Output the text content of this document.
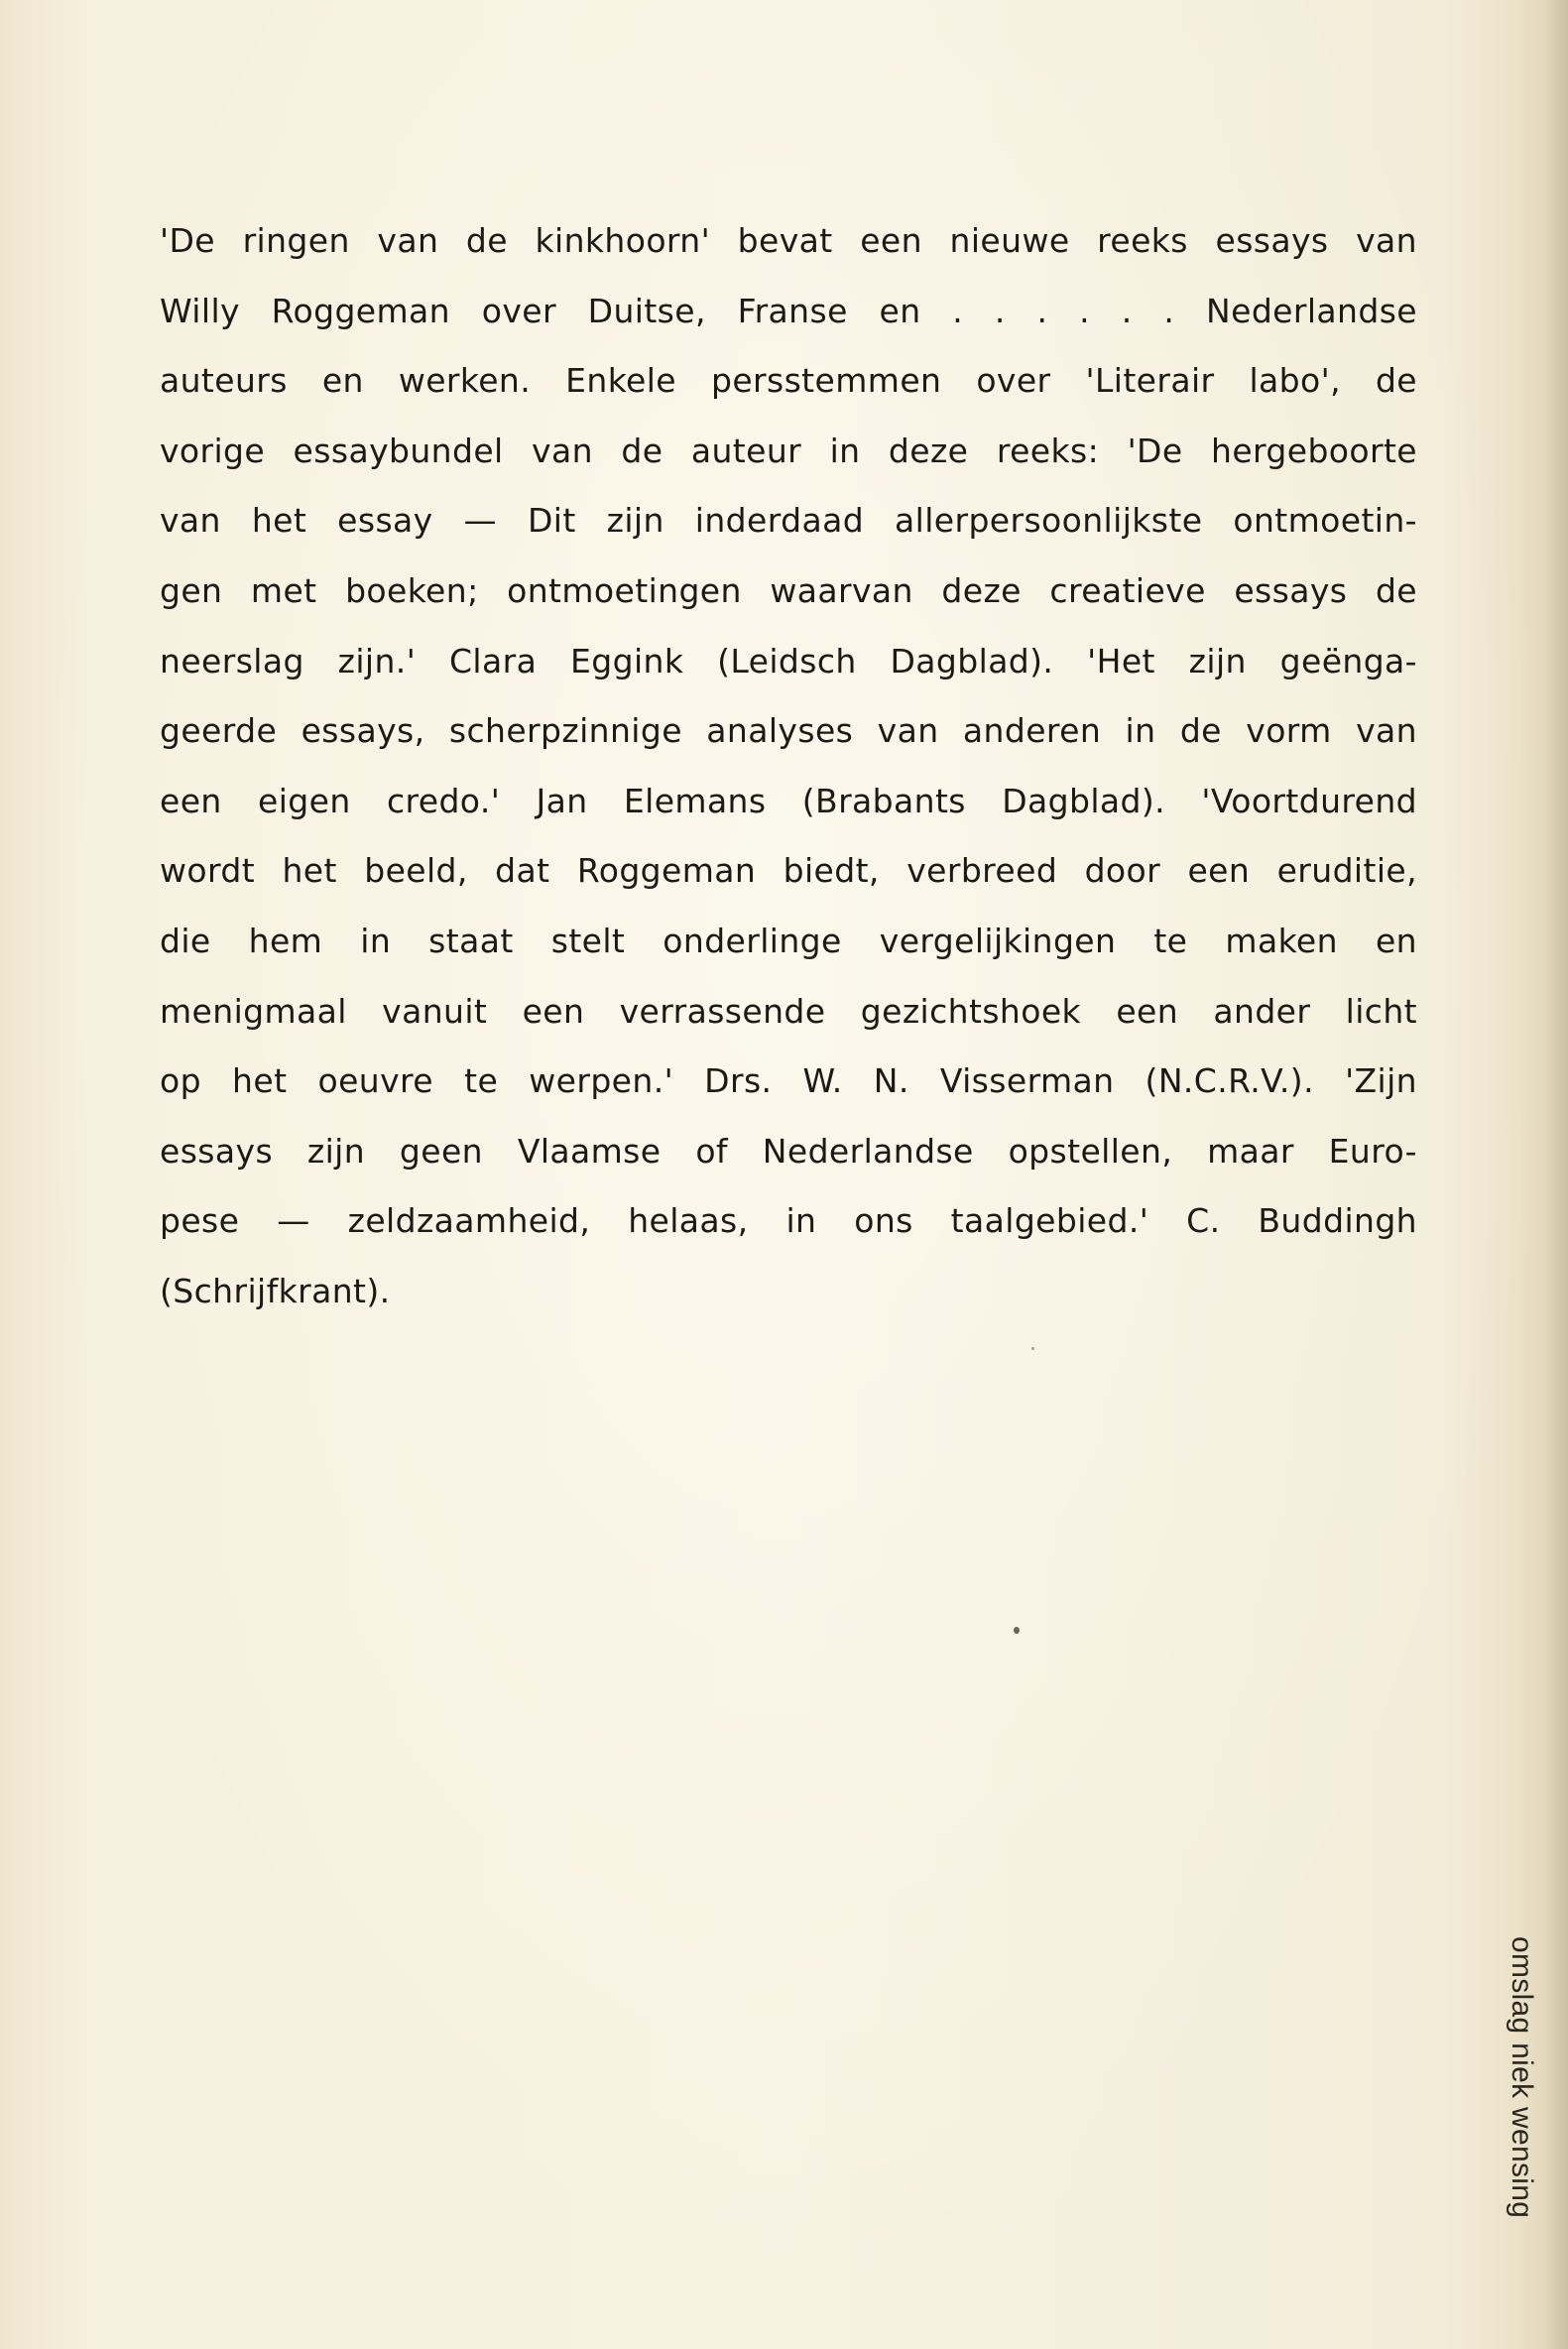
'De ringen van de kinkhoorn' bevat een nieuwe reeks essays van
Willy Roggeman over Duitse, Franse en . . . . . . Nederlandse
auteurs en werken. Enkele persstemmen over 'Literair labo', de
vorige essaybundel van de auteur in deze reeks: 'De hergeboorte
van het essay — Dit zijn inderdaad allerpersoonlijkste ontmoetin-
gen met boeken; ontmoetingen waarvan deze creatieve essays de
neerslag zijn.' Clara Eggink (Leidsch Dagblad). 'Het zijn geënga-
geerde essays, scherpzinnige analyses van anderen in de vorm van
een eigen credo.' Jan Elemans (Brabants Dagblad). 'Voortdurend
wordt het beeld, dat Roggeman biedt, verbreed door een eruditie,
die hem in staat stelt onderlinge vergelijkingen te maken en
menigmaal vanuit een verrassende gezichtshoek een ander licht
op het oeuvre te werpen.' Drs. W. N. Visserman (N.C.R.V.). 'Zijn
essays zijn geen Vlaamse of Nederlandse opstellen, maar Euro-
pese — zeldzaamheid, helaas, in ons taalgebied.' C. Buddingh
(Schrijfkrant).
omslag niek wensing
